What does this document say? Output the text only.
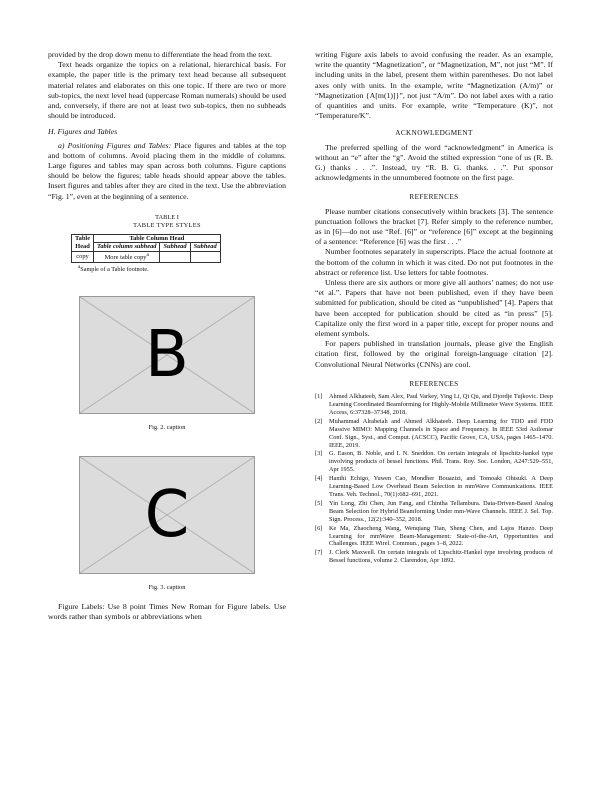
provided by the drop down menu to differentiate the head from the text.

Text heads organize the topics on a relational, hierarchical basis. For example, the paper title is the primary text head because all subsequent material relates and elaborates on this one topic. If there are two or more sub-topics, the next level head (uppercase Roman numerals) should be used and, conversely, if there are not at least two sub-topics, then no subheads should be introduced.

H. Figures and Tables

a) Positioning Figures and Tables: Place figures and tables at the top and bottom of columns. Avoid placing them in the middle of columns. Large figures and tables may span across both columns. Figure captions should be below the figures; table heads should appear above the tables. Insert figures and tables after they are cited in the text. Use the abbreviation “Fig. 1”, even at the beginning of a sentence.

TABLE I
TABLE TYPE STYLES
Table
Head	Table Column Head		
	Table column subhead	Subhead	Subhead
copy	More table copy$^a$		
$^a$Sample of a Table footnote.
B
Fig. 2. caption
C
Fig. 3. caption

Figure Labels: Use 8 point Times New Roman for Figure labels. Use words rather than symbols or abbreviations when

writing Figure axis labels to avoid confusing the reader. As an example, write the quantity “Magnetization”, or “Magnetization, M”, not just “M”. If including units in the label, present them within parentheses. Do not label axes only with units. In the example, write “Magnetization (A/m)” or “Magnetization {A[m(1)]}”, not just “A/m”. Do not label axes with a ratio of quantities and units. For example, write “Temperature (K)”, not “Temperature/K”.

ACKNOWLEDGMENT

The preferred spelling of the word “acknowledgment” in America is without an “e” after the “g”. Avoid the stilted expression “one of us (R. B. G.) thanks . . .”. Instead, try “R. B. G. thanks. . .”. Put sponsor acknowledgments in the unnumbered footnote on the first page.

REFERENCES

Please number citations consecutively within brackets [3]. The sentence punctuation follows the bracket [7]. Refer simply to the reference number, as in [6]—do not use “Ref. [6]” or “reference [6]” except at the beginning of a sentence: “Reference [6] was the first . . .”

Number footnotes separately in superscripts. Place the actual footnote at the bottom of the column in which it was cited. Do not put footnotes in the abstract or reference list. Use letters for table footnotes.

Unless there are six authors or more give all authors’ names; do not use “et al.”. Papers that have not been published, even if they have been submitted for publication, should be cited as “unpublished” [4]. Papers that have been accepted for publication should be cited as “in press” [5]. Capitalize only the first word in a paper title, except for proper nouns and element symbols.

For papers published in translation journals, please give the English citation first, followed by the original foreign-language citation [2]. Convolutional Neural Networks (CNNs) are cool.

REFERENCES
[1] Ahmed Alkhateeb, Sam Alex, Paul Varkey, Ying Li, Qi Qu, and Djordje Tujkovic. Deep Learning Coordinated Beamforming for Highly-Mobile Millimeter Wave Systems. IEEE Access, 6:37328–37348, 2018.
[2] Muhammad Alrabeiah and Ahmed Alkhateeb. Deep Learning for TDD and FDD Massive MIMO: Mapping Channels in Space and Frequency. In IEEE 53rd Asilomar Conf. Sign., Syst., and Comput. (ACSCC), Pacific Grove, CA, USA, pages 1465–1470. IEEE, 2019.
[3] G. Eason, B. Noble, and I. N. Sneddon. On certain integrals of lipschitz-hankel type involving products of bessel functions. Phil. Trans. Roy. Soc. London, A247:529–551, Apr 1955.
[4] Hanthi Echigo, Yuwen Cao, Mondher Bouazizi, and Tomoaki Ohtsuki. A Deep Learning-Based Low Overhead Beam Selection in mmWave Communications. IEEE Trans. Veh. Technol., 70(1):682–691, 2021.
[5] Yin Long, Zhi Chen, Jun Fang, and Chintha Tellambura. Data-Driven-Based Analog Beam Selection for Hybrid Beamforming Under mm-Wave Channels. IEEE J. Sel. Top. Sign. Process., 12(2):340–352, 2018.
[6] Ke Ma, Zhaocheng Wang, Wenqiang Tian, Sheng Chen, and Lajos Hanzo. Deep Learning for mmWave Beam-Management: State-of-the-Art, Opportunities and Challenges. IEEE Wirel. Commun., pages 1–8, 2022.
[7] J. Clerk Maxwell. On certain integrals of Lipschitz-Hankel type involving products of Bessel functions, volume 2. Clarendon, Apr 1892.
